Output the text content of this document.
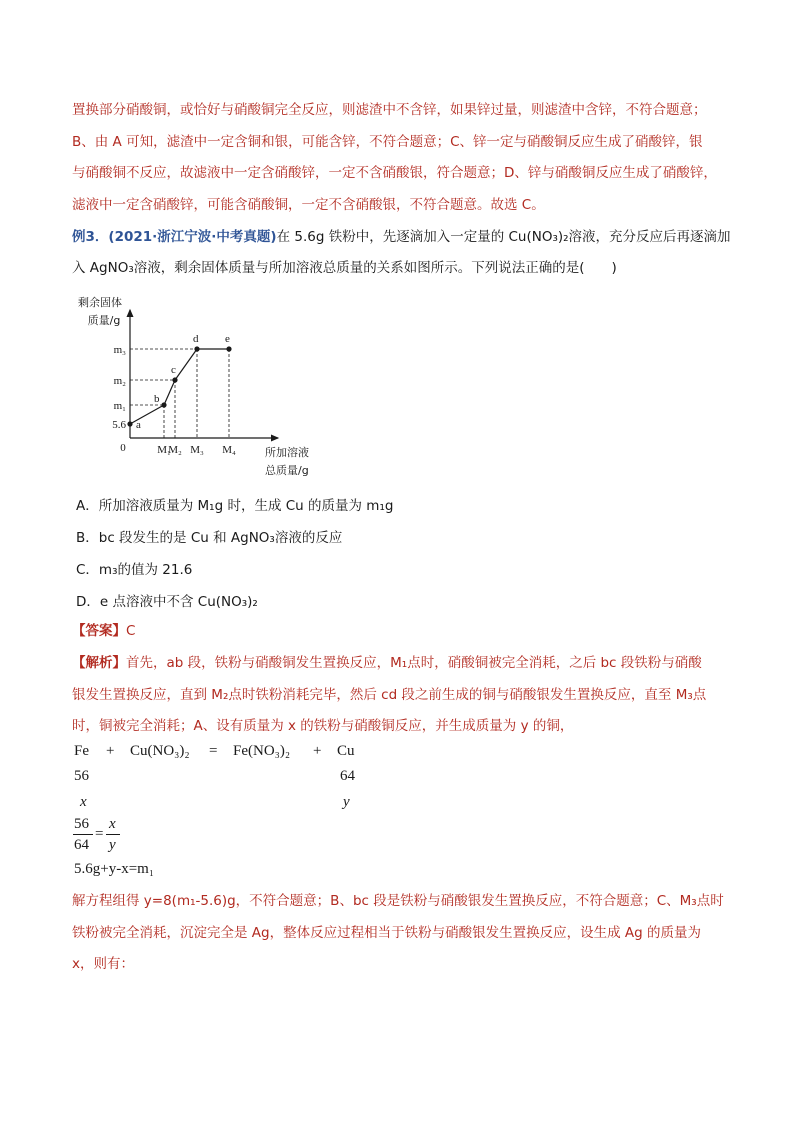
置换部分硝酸铜，或恰好与硝酸铜完全反应，则滤渣中不含锌，如果锌过量，则滤渣中含锌，不符合题意；
B、由 A 可知，滤渣中一定含铜和银，可能含锌，不符合题意；C、锌一定与硝酸铜反应生成了硝酸锌，银
与硝酸铜不反应，故滤液中一定含硝酸锌，一定不含硝酸银，符合题意；D、锌与硝酸铜反应生成了硝酸锌，
滤液中一定含硝酸锌，可能含硝酸铜，一定不含硝酸银，不符合题意。故选 C。
例3．(2021·浙江宁波·中考真题)在 5.6g 铁粉中，先逐滴加入一定量的 Cu(NO₃)₂溶液，充分反应后再逐滴加
入 AgNO₃溶液，剩余固体质量与所加溶液总质量的关系如图所示。下列说法正确的是(　　)
剩余固体
质量/g
0
5.6
m₁
m₂
m₃
M₁
M₂ M₃ M₄
a
b
c
d e
所加溶液
总质量/g
A．所加溶液质量为 M₁g 时，生成 Cu 的质量为 m₁g
B．bc 段发生的是 Cu 和 AgNO₃溶液的反应
C．m₃的值为 21.6
D．e 点溶液中不含 Cu(NO₃)₂
【答案】C
【解析】首先，ab 段，铁粉与硝酸铜发生置换反应，M₁点时，硝酸铜被完全消耗，之后 bc 段铁粉与硝酸
银发生置换反应，直到 M₂点时铁粉消耗完毕，然后 cd 段之前生成的铜与硝酸银发生置换反应，直至 M₃点
时，铜被完全消耗；A、设有质量为 x 的铁粉与硝酸铜反应，并生成质量为 y 的铜，
Fe + Cu(NO₃)₂ = Fe(NO₃)₂ + Cu
56	64
x	y
56
64
=
x
y
5.6g+y-x=m₁
解方程组得 y=8(m₁-5.6)g，不符合题意；B、bc 段是铁粉与硝酸银发生置换反应，不符合题意；C、M₃点时
铁粉被完全消耗，沉淀完全是 Ag，整体反应过程相当于铁粉与硝酸银发生置换反应，设生成 Ag 的质量为
x，则有：
